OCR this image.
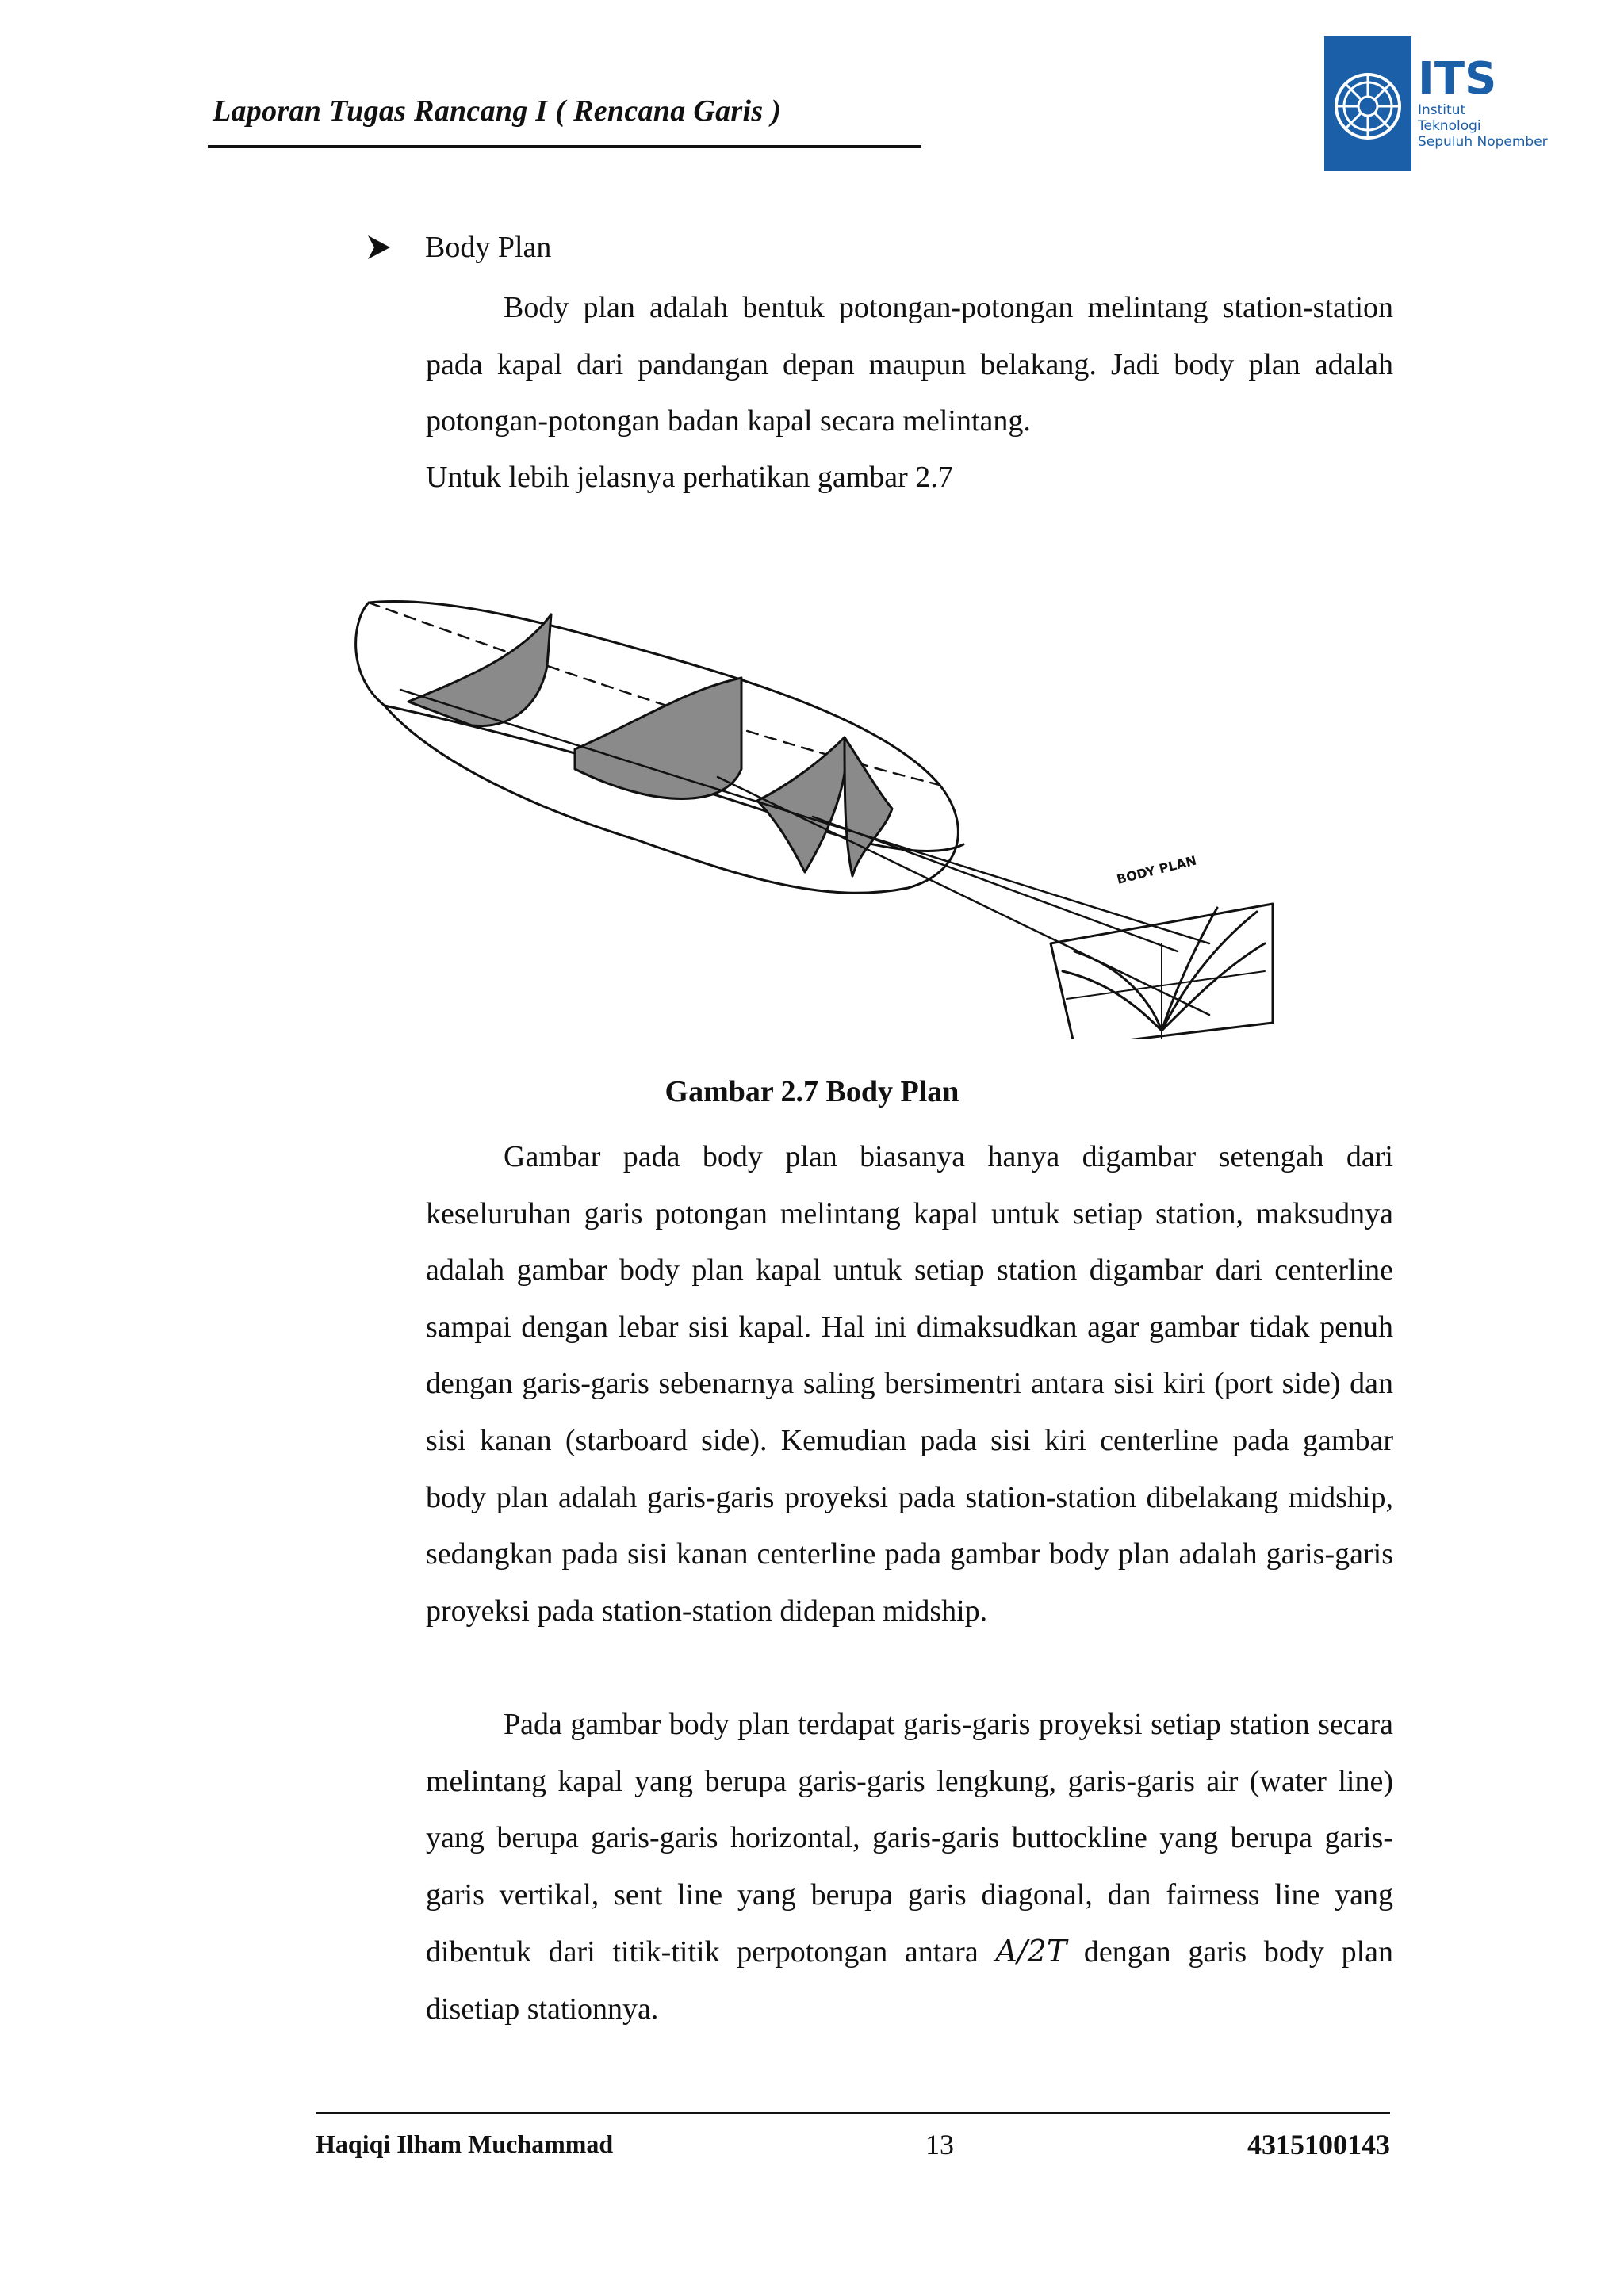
Laporan Tugas Rancang I ( Rencana Garis )
ITS
Institut
Teknologi
Sepuluh Nopember
Body Plan

Body plan adalah bentuk potongan-potongan melintang station-station pada kapal dari pandangan depan maupun belakang. Jadi body plan adalah potongan-potongan badan kapal secara melintang.

Untuk lebih jelasnya perhatikan gambar 2.7

BODY PLAN
Gambar 2.7 Body Plan

Gambar pada body plan biasanya hanya digambar setengah dari keseluruhan garis potongan melintang kapal untuk setiap station, maksudnya adalah gambar body plan kapal untuk setiap station digambar dari centerline sampai dengan lebar sisi kapal. Hal ini dimaksudkan agar gambar tidak penuh dengan garis-garis sebenarnya saling bersimentri antara sisi kiri (port side) dan sisi kanan (starboard side). Kemudian pada sisi kiri centerline pada gambar body plan adalah garis-garis proyeksi pada station-station dibelakang midship, sedangkan pada sisi kanan centerline pada gambar body plan adalah garis-garis proyeksi pada station-station didepan midship.

Pada gambar body plan terdapat garis-garis proyeksi setiap station secara melintang kapal yang berupa garis-garis lengkung, garis-garis air (water line) yang berupa garis-garis horizontal, garis-garis buttockline yang berupa garis-garis vertikal, sent line yang berupa garis diagonal, dan fairness line yang dibentuk dari titik-titik perpotongan antara A/2T dengan garis body plan disetiap stationnya.

Haqiqi Ilham Muchammad	13	4315100143
